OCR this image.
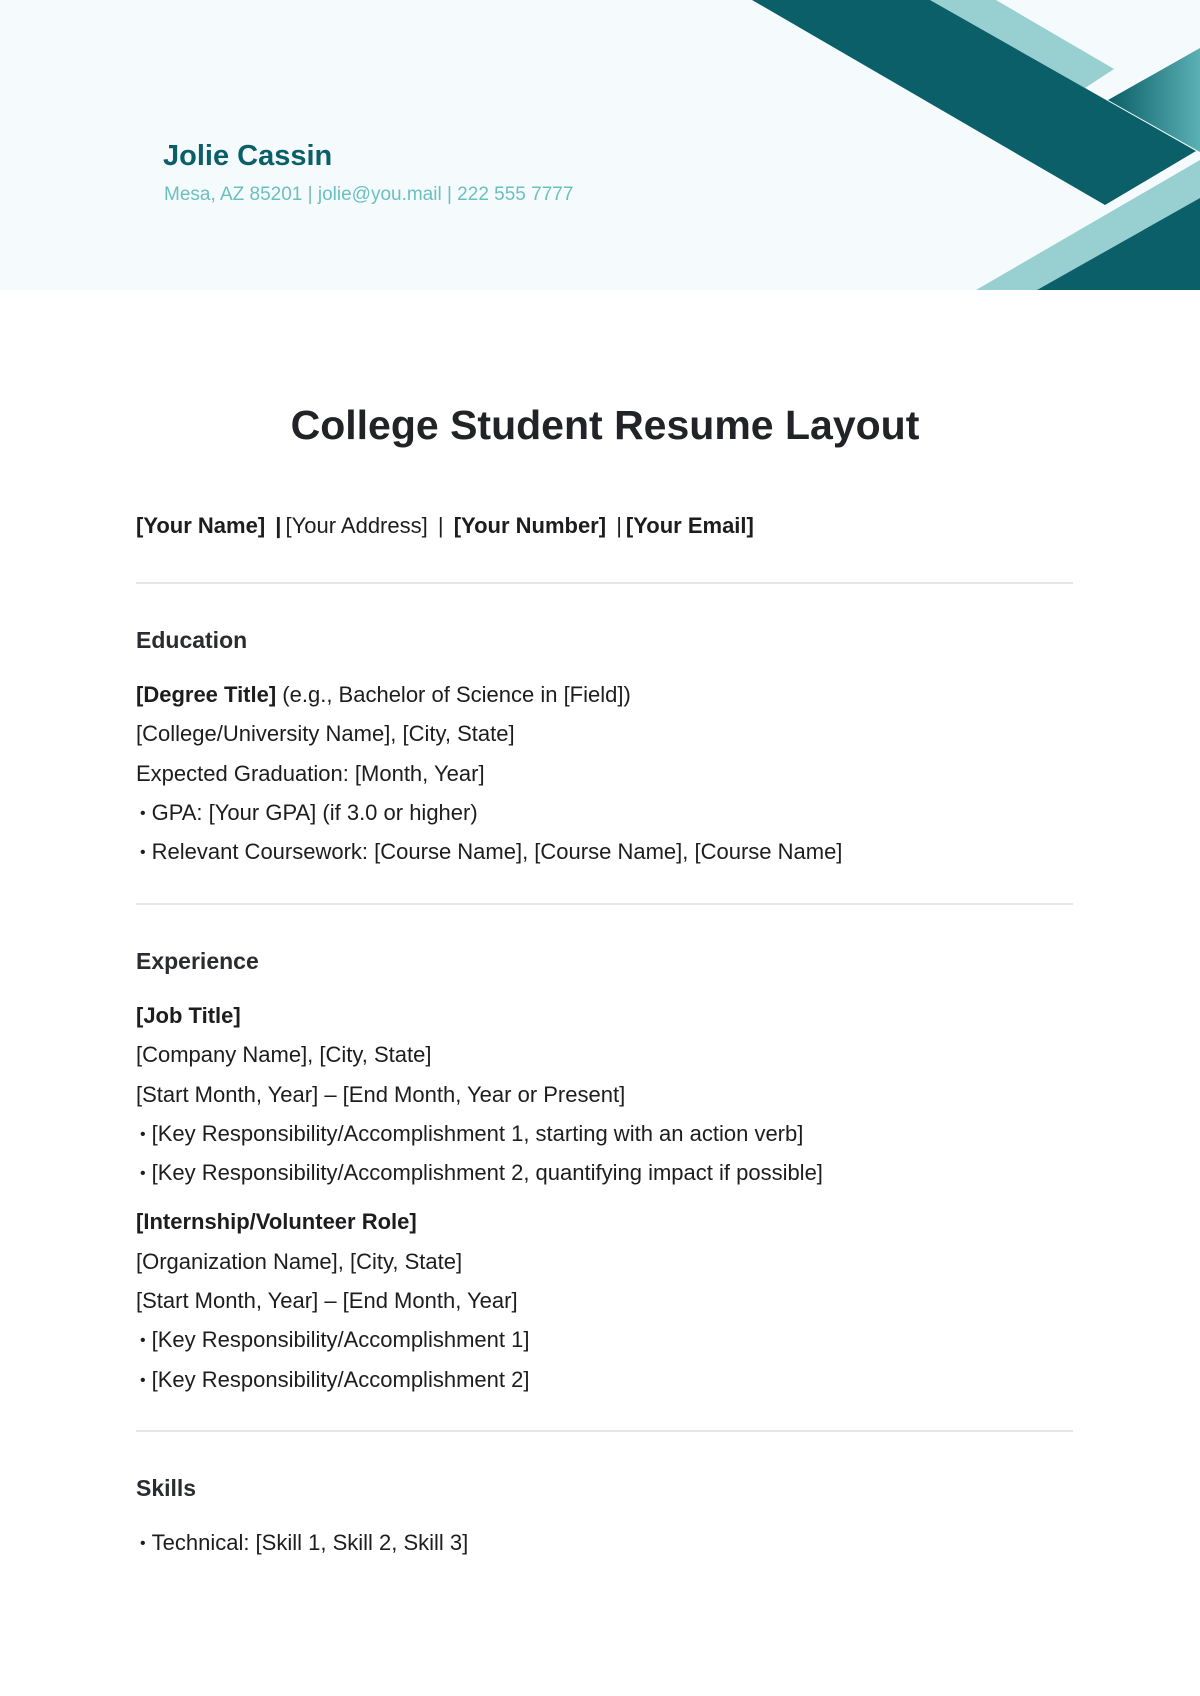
Jolie Cassin
Mesa, AZ 85201 | jolie@you.mail | 222 555 7777
College Student Resume Layout
[Your Name] | [Your Address] | [Your Number] | [Your Email]
Education
[Degree Title] (e.g., Bachelor of Science in [Field])
[College/University Name], [City, State]
Expected Graduation: [Month, Year]
• GPA: [Your GPA] (if 3.0 or higher)
• Relevant Coursework: [Course Name], [Course Name], [Course Name]
Experience
[Job Title]
[Company Name], [City, State]
[Start Month, Year] – [End Month, Year or Present]
• [Key Responsibility/Accomplishment 1, starting with an action verb]
• [Key Responsibility/Accomplishment 2, quantifying impact if possible]
[Internship/Volunteer Role]
[Organization Name], [City, State]
[Start Month, Year] – [End Month, Year]
• [Key Responsibility/Accomplishment 1]
• [Key Responsibility/Accomplishment 2]
Skills
• Technical: [Skill 1, Skill 2, Skill 3]
